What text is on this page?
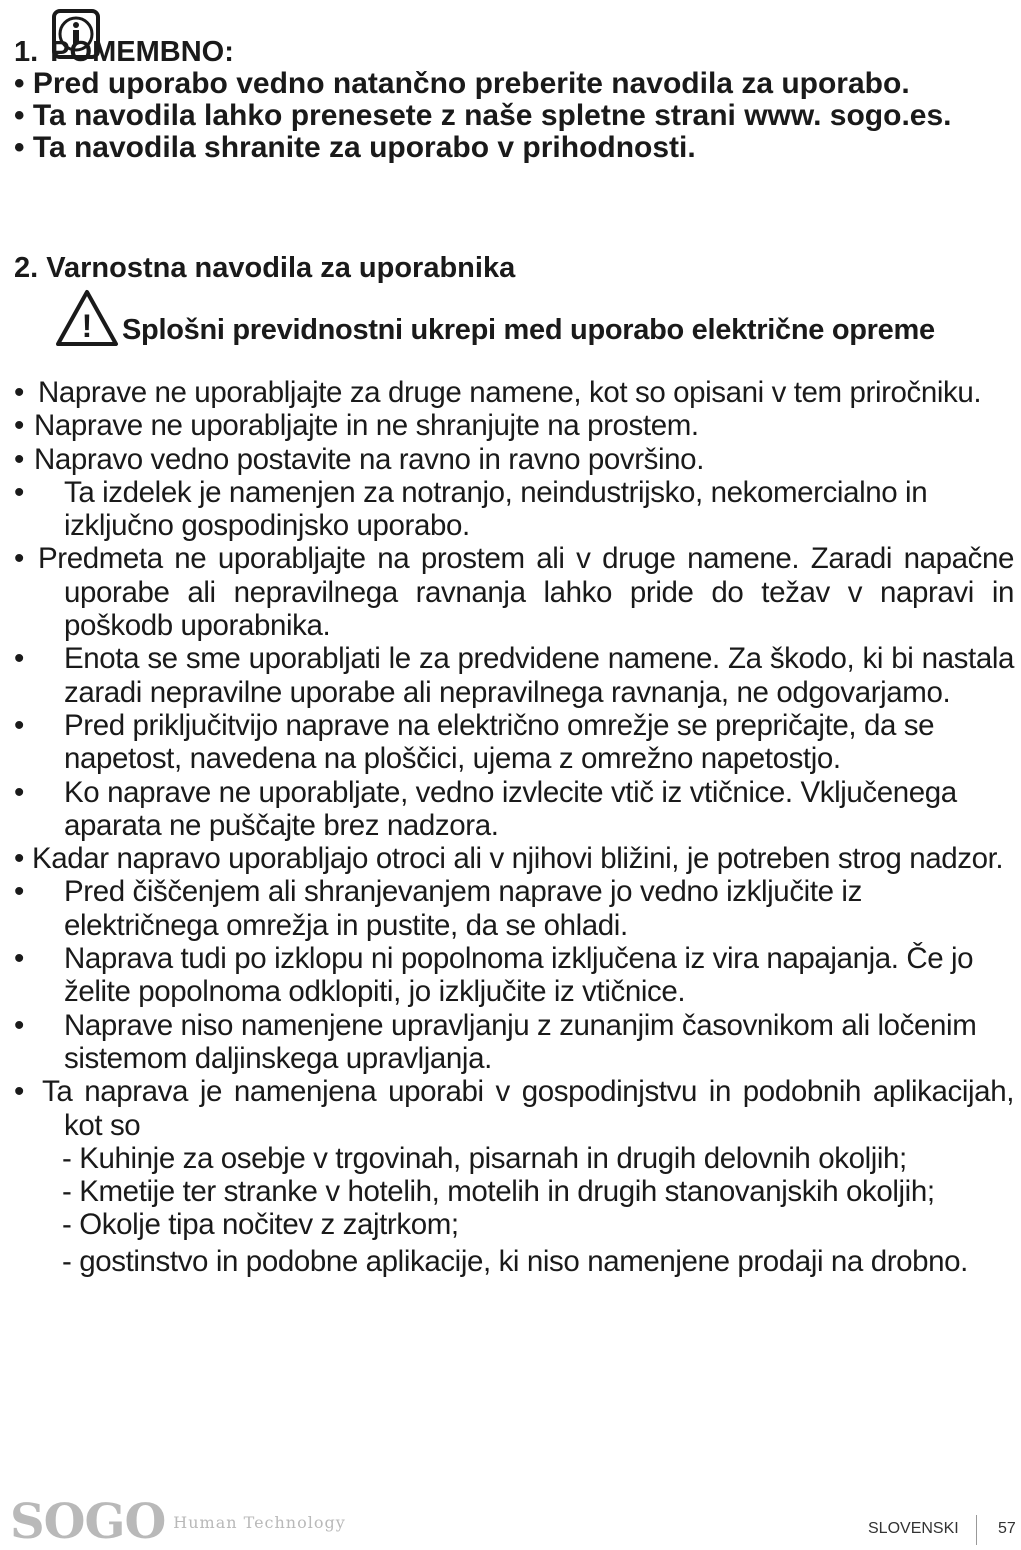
1. POMEMBNO:
• Pred uporabo vedno natančno preberite navodila za uporabo.
• Ta navodila lahko prenesete z naše spletne strani www. sogo.es.
• Ta navodila shranite za uporabo v prihodnosti.
2. Varnostna navodila za uporabnika
! Splošni previdnostni ukrepi med uporabo električne opreme
• Naprave ne uporabljajte za druge namene, kot so opisani v tem priročniku.
• Naprave ne uporabljajte in ne shranjujte na prostem.
• Napravo vedno postavite na ravno in ravno površino.
• Ta izdelek je namenjen za notranjo, neindustrijsko, nekomercialno in izključno gospodinjsko uporabo.
• Predmeta ne uporabljajte na prostem ali v druge namene. Zaradi napačne uporabe ali nepravilnega ravnanja lahko pride do težav v napravi in poškodb uporabnika.
• Enota se sme uporabljati le za predvidene namene. Za škodo, ki bi nastala zaradi nepravilne uporabe ali nepravilnega ravnanja, ne odgovarjamo.
• Pred priključitvijo naprave na električno omrežje se prepričajte, da se napetost, navedena na ploščici, ujema z omrežno napetostjo.
• Ko naprave ne uporabljate, vedno izvlecite vtič iz vtičnice. Vključenega aparata ne puščajte brez nadzora.
• Kadar napravo uporabljajo otroci ali v njihovi bližini, je potreben strog nadzor.
• Pred čiščenjem ali shranjevanjem naprave jo vedno izključite iz električnega omrežja in pustite, da se ohladi.
• Naprava tudi po izklopu ni popolnoma izključena iz vira napajanja. Če jo želite popolnoma odklopiti, jo izključite iz vtičnice.
• Naprave niso namenjene upravljanju z zunanjim časovnikom ali ločenim sistemom daljinskega upravljanja.
• Ta naprava je namenjena uporabi v gospodinjstvu in podobnih aplikacijah, kot so
- Kuhinje za osebje v trgovinah, pisarnah in drugih delovnih okoljih;
- Kmetije ter stranke v hotelih, motelih in drugih stanovanjskih okoljih;
- Okolje tipa nočitev z zajtrkom;
- gostinstvo in podobne aplikacije, ki niso namenjene prodaji na drobno.
SOGO Human Technology	SLOVENSKI 57
